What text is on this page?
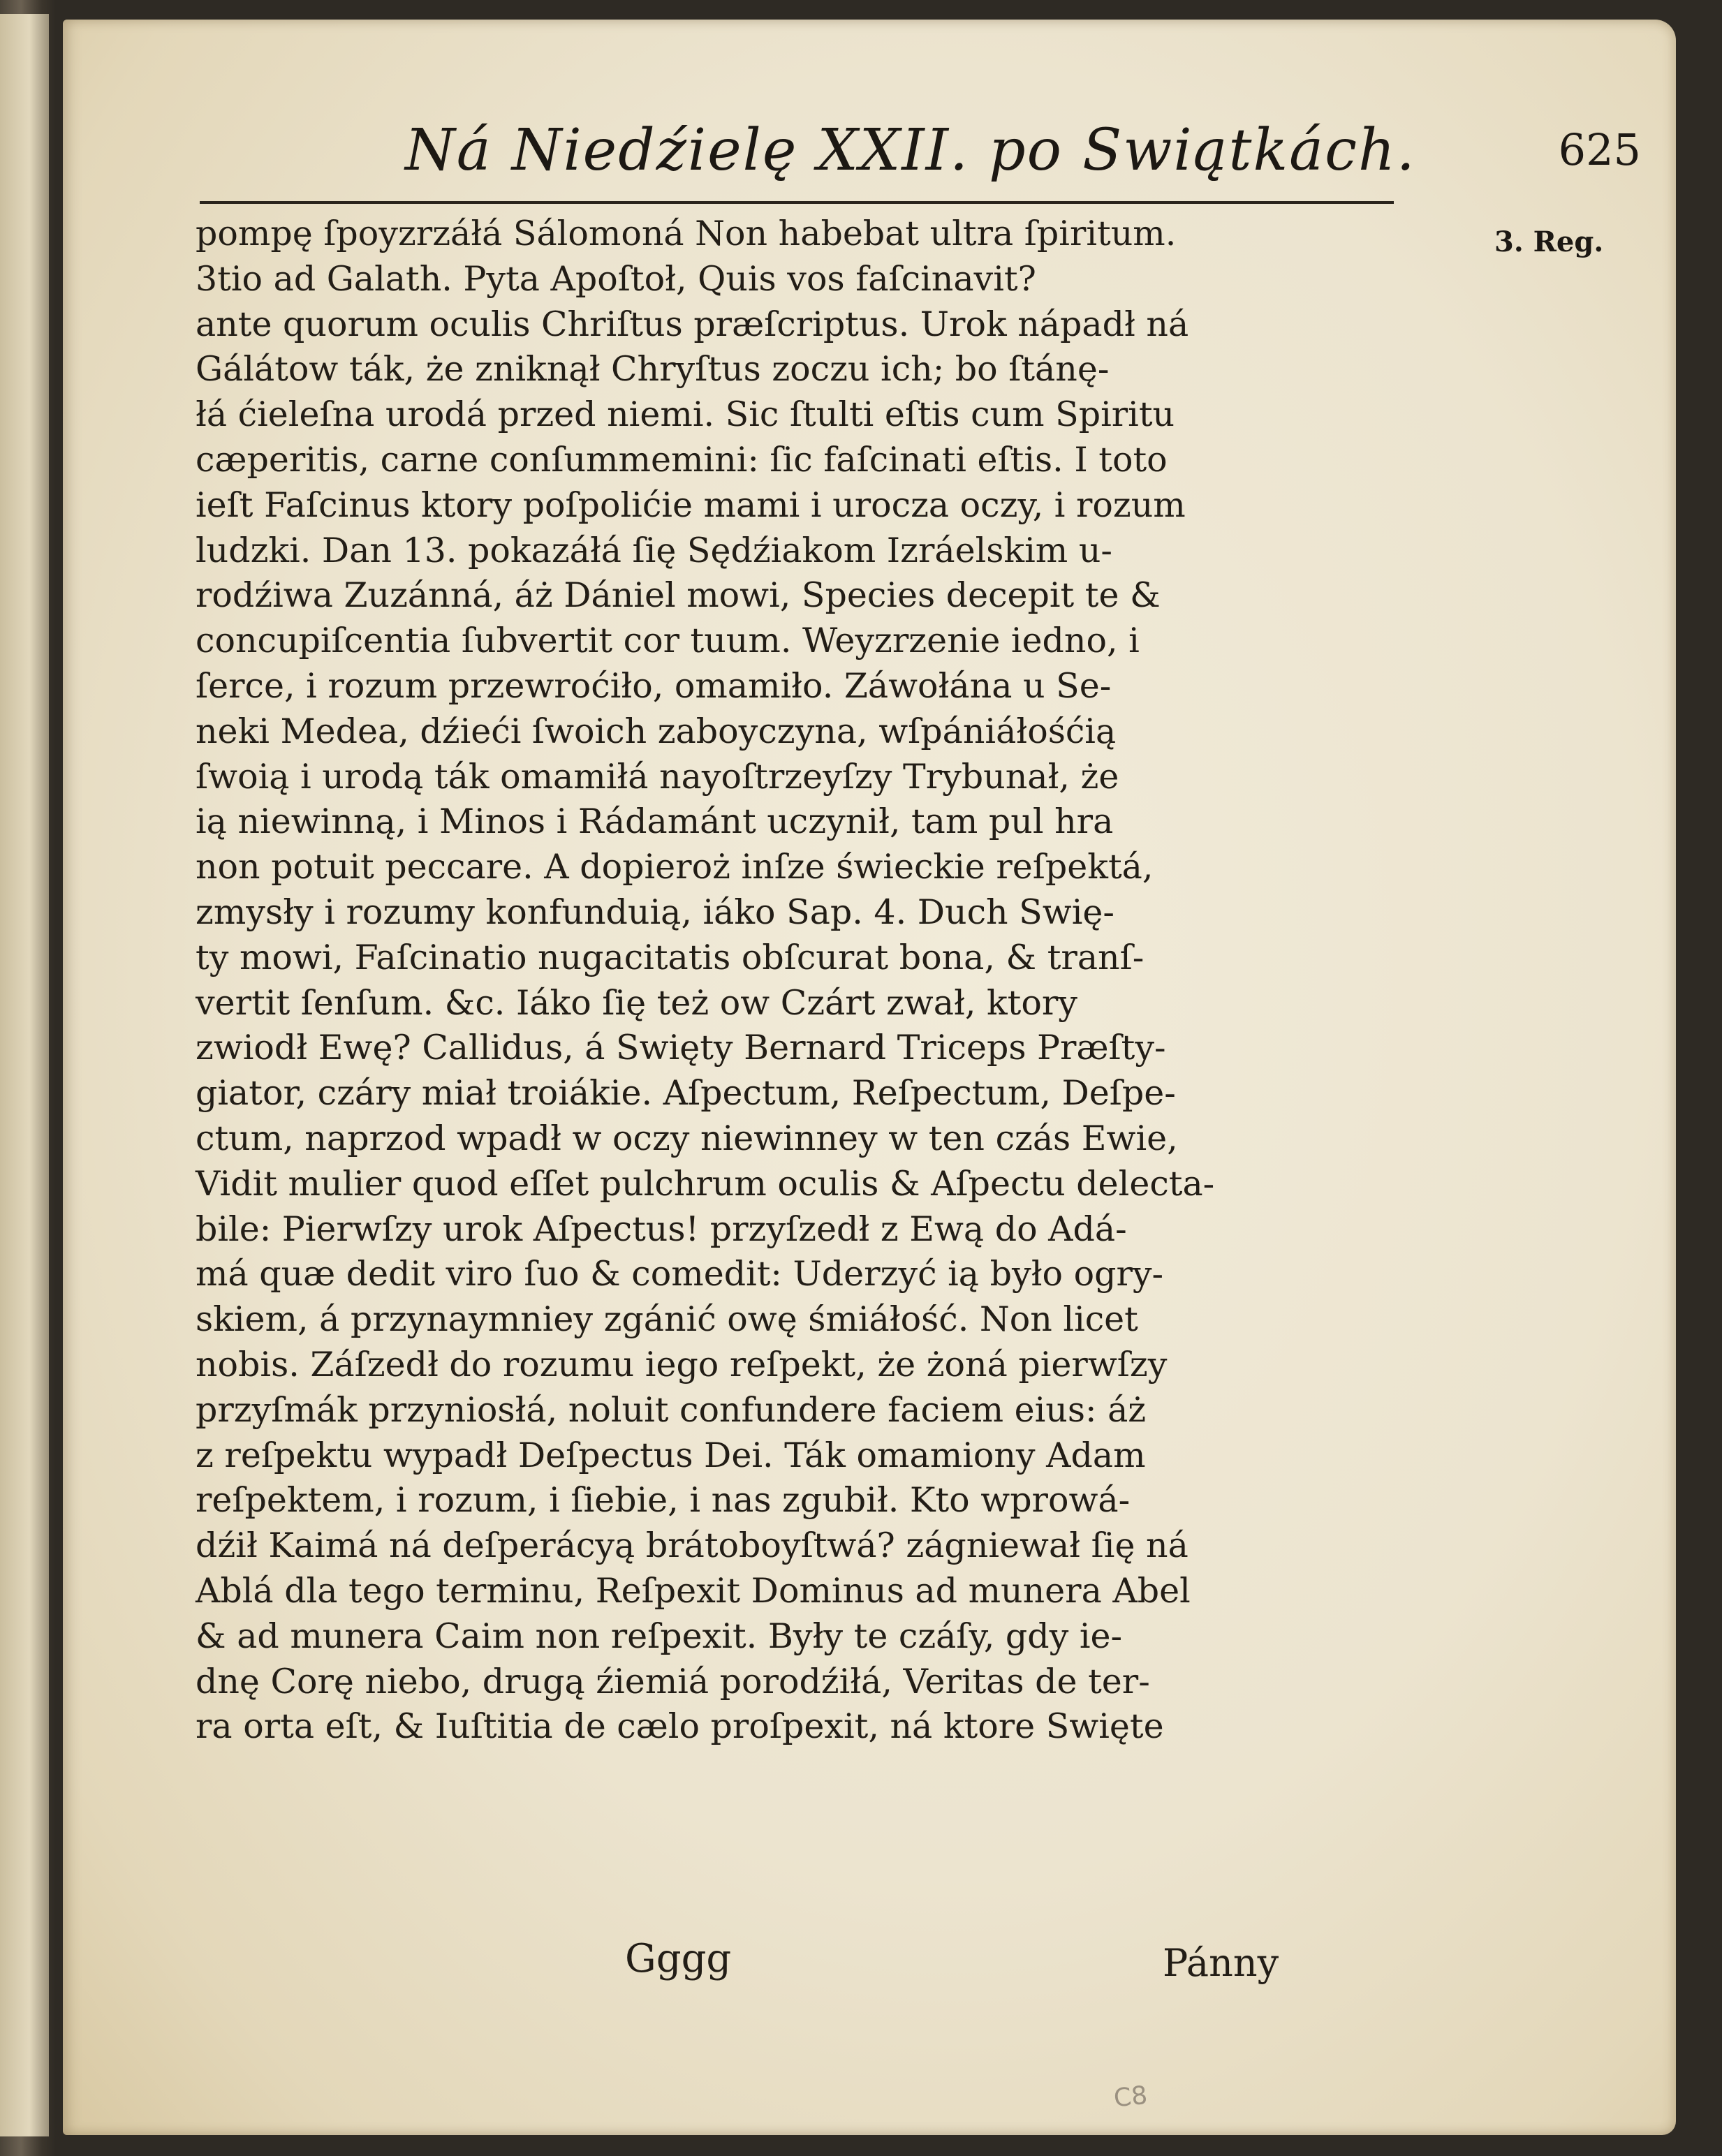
Ná Niedźielę XXII. po Swiątkách.	625
3. Reg.
pompę ſpoyzrzáłá Sálomoná Non habebat ultra ſpiritum.
3tio ad Galath. Pyta Apoſtoł, Quis vos faſcinavit?
ante quorum oculis Chriſtus præſcriptus. Urok nápadł ná
Gálátow ták, że zniknął Chryſtus zoczu ich; bo ſtánę-
łá ćieleſna urodá przed niemi. Sic ſtulti eſtis cum Spiritu
cæperitis, carne conſummemini: ſic faſcinati eſtis. I toto
ieſt Faſcinus ktory poſpolićie mami i urocza oczy, i rozum
ludzki. Dan 13. pokazáłá ſię Sędźiakom Izráelskim u-
rodźiwa Zuzánná, áż Dániel mowi, Species decepit te &
concupiſcentia ſubvertit cor tuum. Weyzrzenie iedno, i
ſerce, i rozum przewroćiło, omamiło. Záwołána u Se-
neki Medea, dźieći ſwoich zaboyczyna, wſpániáłośćią
ſwoią i urodą ták omamiłá nayoſtrzeyſzy Trybunał, że
ią niewinną, i Minos i Rádamánt uczynił, tam pul hra
non potuit peccare. A dopieroż inſze świeckie reſpektá,
zmysły i rozumy konfunduią, iáko Sap. 4. Duch Swię-
ty mowi, Faſcinatio nugacitatis obſcurat bona, & tranſ-
vertit ſenſum. &c. Iáko ſię też ow Czárt zwał, ktory
zwiodł Ewę? Callidus, á Swięty Bernard Triceps Præſty-
giator, czáry miał troiákie. Aſpectum, Reſpectum, Deſpe-
ctum, naprzod wpadł w oczy niewinney w ten czás Ewie,
Vidit mulier quod eſſet pulchrum oculis & Aſpectu delecta-
bile: Pierwſzy urok Aſpectus! przyſzedł z Ewą do Adá-
má quæ dedit viro ſuo & comedit: Uderzyć ią było ogry-
skiem, á przynaymniey zgánić owę śmiáłość. Non licet
nobis. Záſzedł do rozumu iego reſpekt, że żoná pierwſzy
przyſmák przyniosłá, noluit confundere faciem eius: áż
z reſpektu wypadł Deſpectus Dei. Ták omamiony Adam
reſpektem, i rozum, i ſiebie, i nas zgubił. Kto wprowá-
dźił Kaimá ná deſperácyą brátoboyſtwá? zágniewał ſię ná
Ablá dla tego terminu, Reſpexit Dominus ad munera Abel
& ad munera Caim non reſpexit. Były te czáſy, gdy ie-
dnę Corę niebo, drugą źiemiá porodźiłá, Veritas de ter-
ra orta eſt, & Iuſtitia de cælo proſpexit, ná ktore Swięte
Gggg	Pánny
C8
